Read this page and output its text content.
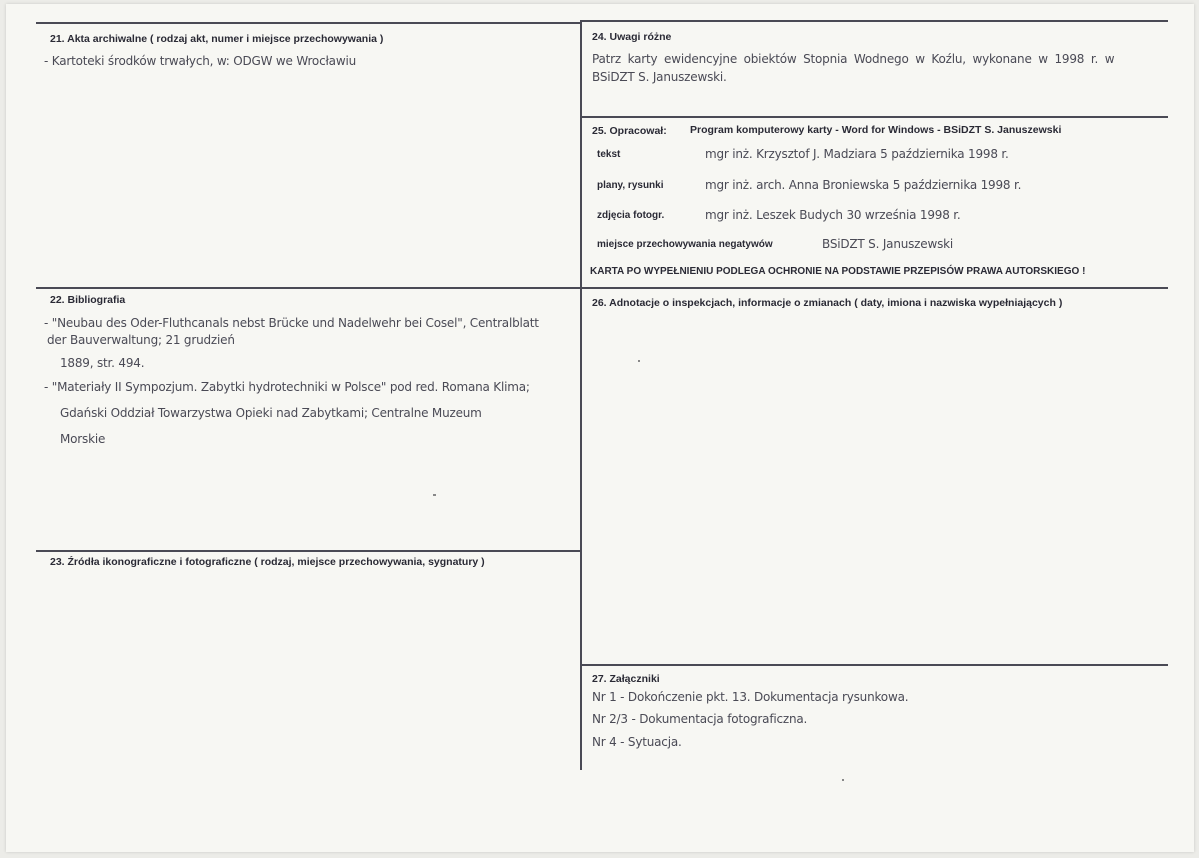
21. Akta archiwalne ( rodzaj akt, numer i miejsce przechowywania )
- Kartoteki środków trwałych, w: ODGW we Wrocławiu
22. Bibliografia
- "Neubau des Oder-Fluthcanals nebst Brücke und Nadelwehr bei Cosel", Centralblatt
der Bauverwaltung; 21 grudzień
1889, str. 494.
- "Materiały II Sympozjum. Zabytki hydrotechniki w Polsce" pod red. Romana Klima;
Gdański Oddział Towarzystwa Opieki nad Zabytkami; Centralne Muzeum
Morskie
23. Źródła ikonograficzne i fotograficzne ( rodzaj, miejsce przechowywania, sygnatury )
24. Uwagi różne
Patrz karty ewidencyjne obiektów Stopnia Wodnego w Koźlu, wykonane w 1998 r. w
BSiDZT S. Januszewski.
25. Opracował: Program komputerowy karty - Word for Windows - BSiDZT S. Januszewski
tekst	mgr inż. Krzysztof J. Madziara 5 października 1998 r.
plany, rysunki	mgr inż. arch. Anna Broniewska 5 października 1998 r.
zdjęcia fotogr.	mgr inż. Leszek Budych 30 września 1998 r.
miejsce przechowywania negatywów	BSiDZT S. Januszewski
KARTA PO WYPEŁNIENIU PODLEGA OCHRONIE NA PODSTAWIE PRZEPISÓW PRAWA AUTORSKIEGO !
26. Adnotacje o inspekcjach, informacje o zmianach ( daty, imiona i nazwiska wypełniających )
27. Załączniki
Nr 1 - Dokończenie pkt. 13. Dokumentacja rysunkowa.
Nr 2/3 - Dokumentacja fotograficzna.
Nr 4 - Sytuacja.
